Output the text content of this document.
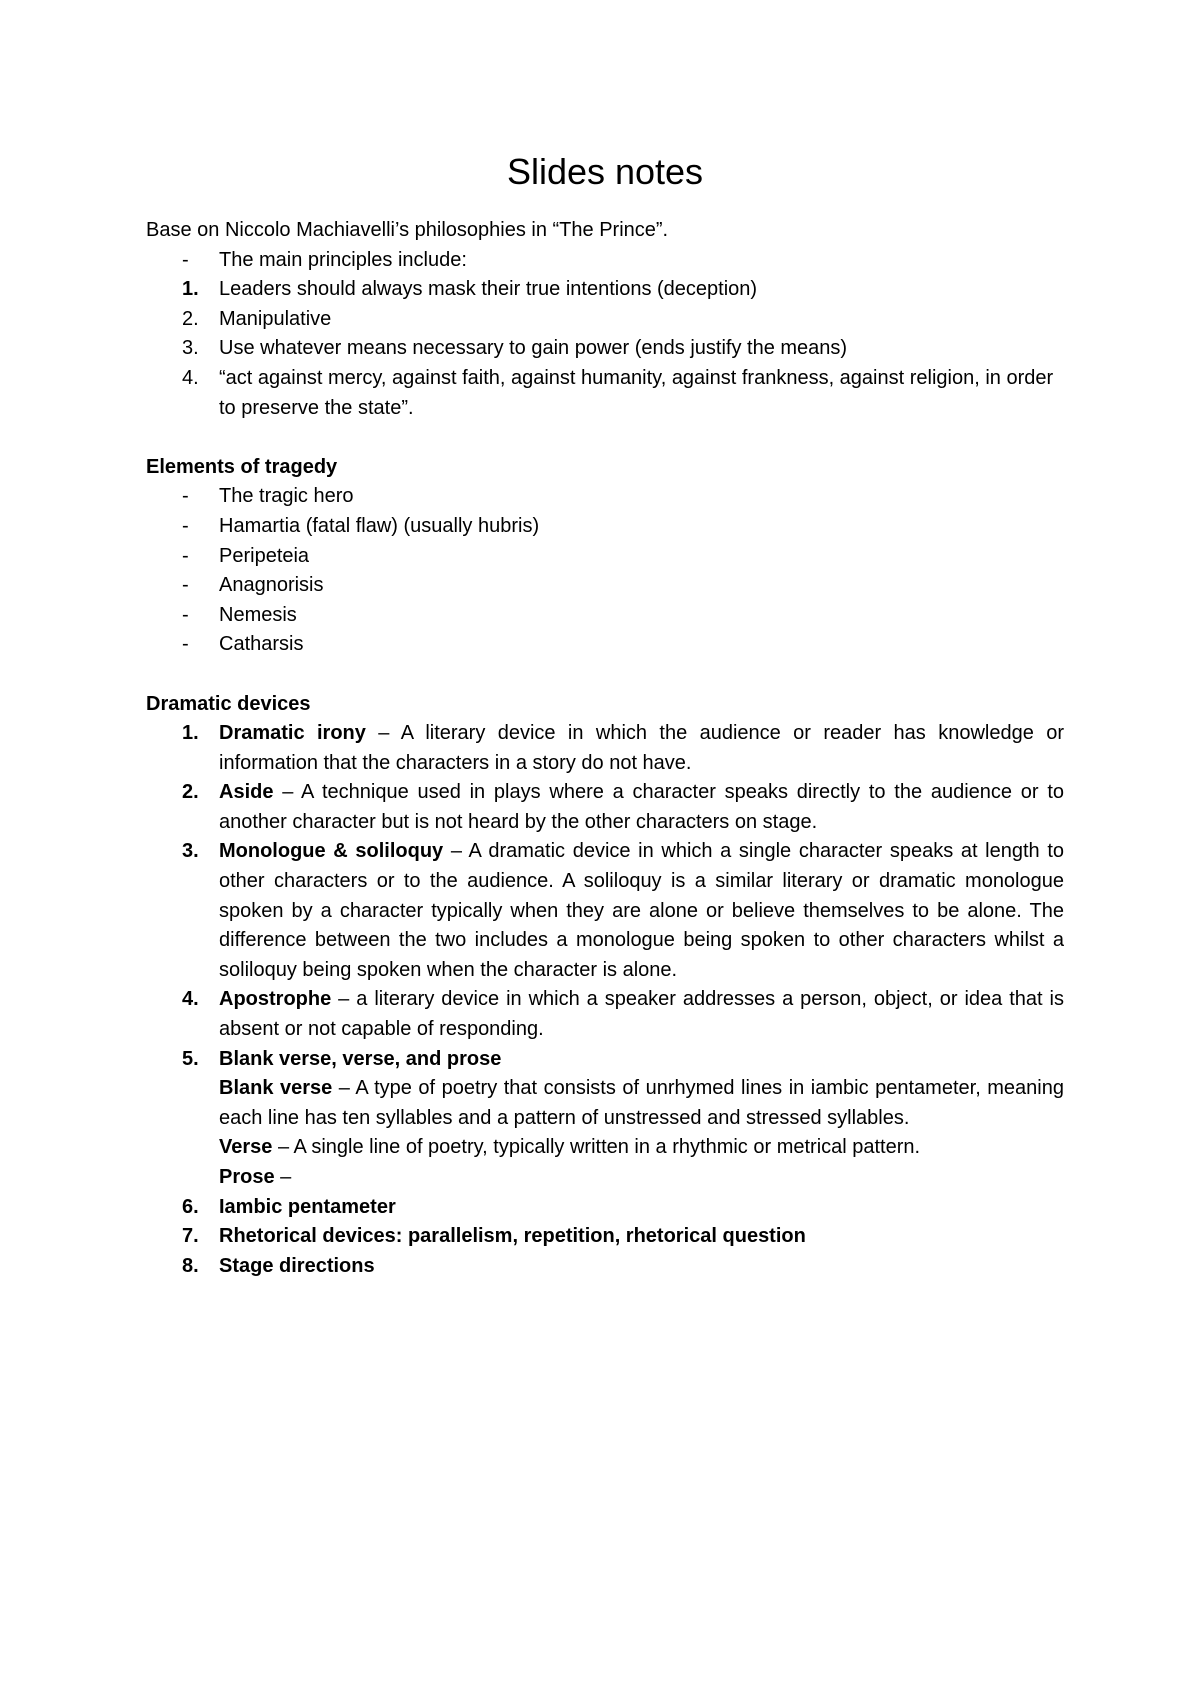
Slides notes

Base on Niccolo Machiavelli’s philosophies in “The Prince”.

- The main principles include:
1. Leaders should always mask their true intentions (deception)
2. Manipulative
3. Use whatever means necessary to gain power (ends justify the means)
4. “act against mercy, against faith, against humanity, against frankness, against religion, in order to preserve the state”.

Elements of tragedy

- The tragic hero
- Hamartia (fatal flaw) (usually hubris)
- Peripeteia
- Anagnorisis
- Nemesis
- Catharsis

Dramatic devices

1. Dramatic irony – A literary device in which the audience or reader has knowledge or information that the characters in a story do not have.
2. Aside – A technique used in plays where a character speaks directly to the audience or to another character but is not heard by the other characters on stage.
3. Monologue & soliloquy – A dramatic device in which a single character speaks at length to other characters or to the audience. A soliloquy is a similar literary or dramatic monologue spoken by a character typically when they are alone or believe themselves to be alone. The difference between the two includes a monologue being spoken to other characters whilst a soliloquy being spoken when the character is alone.
4. Apostrophe – a literary device in which a speaker addresses a person, object, or idea that is absent or not capable of responding.
5. Blank verse, verse, and prose
Blank verse – A type of poetry that consists of unrhymed lines in iambic pentameter, meaning each line has ten syllables and a pattern of unstressed and stressed syllables.
Verse – A single line of poetry, typically written in a rhythmic or metrical pattern.
Prose –
6. Iambic pentameter
7. Rhetorical devices: parallelism, repetition, rhetorical question
8. Stage directions
